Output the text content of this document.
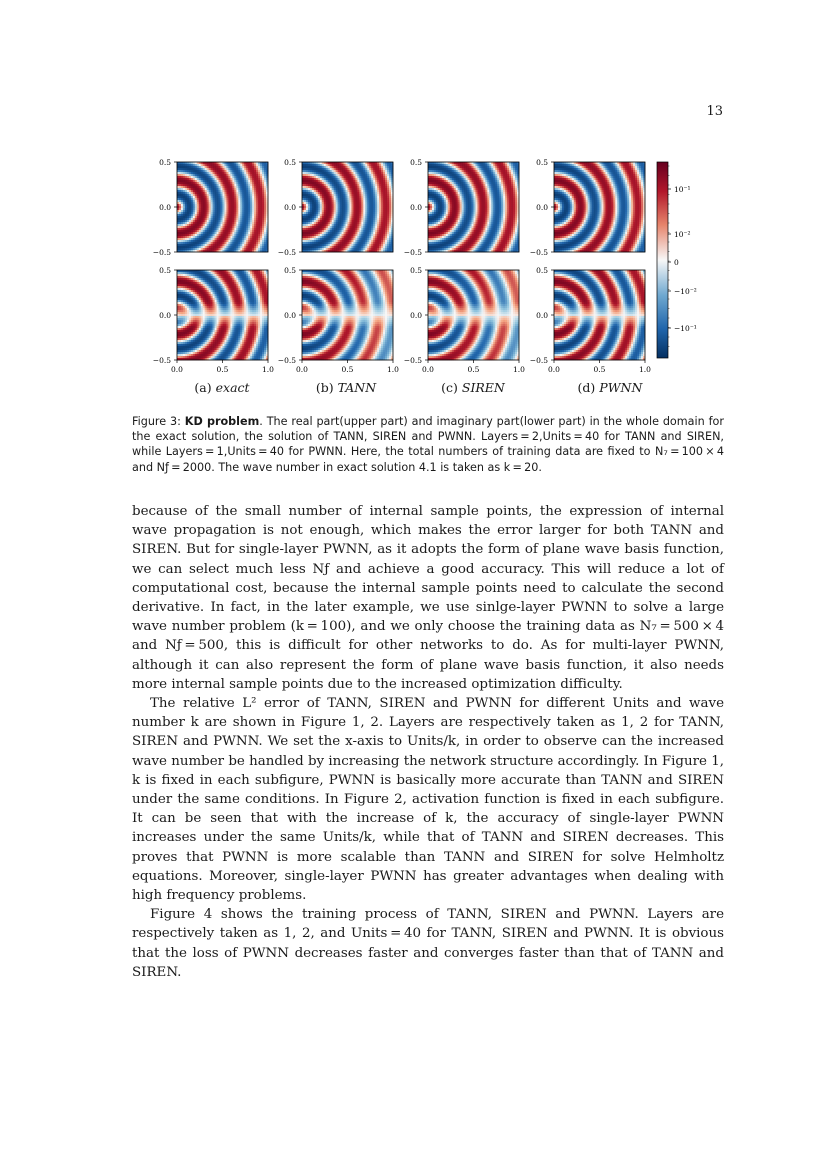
13
0.5
0.0
−0.5
0.5
0.0
−0.5
0.0	0.5	1.0
0.5
0.0
−0.5
0.5
0.0
−0.5
0.0	0.5	1.0
0.5
0.0
−0.5
0.5
0.0
−0.5
0.0	0.5	1.0
0.5
0.0
−0.5
0.5
0.0
−0.5
0.0	0.5	1.0
10⁻¹
10⁻²
0
−10⁻²
−10⁻¹
(a) exact	(b) TANN	(c) SIREN	(d) PWNN
Figure 3: KD problem. The real part(upper part) and imaginary part(lower part) in the whole domain for the exact solution, the solution of TANN, SIREN and PWNN. Layers = 2,Units = 40 for TANN and SIREN, while Layers = 1,Units = 40 for PWNN. Here, the total numbers of training data are fixed to N₇ = 100 × 4 and Nƒ = 2000. The wave number in exact solution 4.1 is taken as k = 20.

because of the small number of internal sample points, the expression of internal wave propagation is not enough, which makes the error larger for both TANN and SIREN. But for single-layer PWNN, as it adopts the form of plane wave basis function, we can select much less Nƒ and achieve a good accuracy. This will reduce a lot of computational cost, because the internal sample points need to calculate the second derivative. In fact, in the later example, we use sinlge-layer PWNN to solve a large wave number problem (k = 100), and we only choose the training data as N₇ = 500 × 4 and Nƒ = 500, this is difficult for other networks to do. As for multi-layer PWNN, although it can also represent the form of plane wave basis function, it also needs more internal sample points due to the increased optimization difficulty.

The relative L² error of TANN, SIREN and PWNN for different Units and wave number k are shown in Figure 1, 2. Layers are respectively taken as 1, 2 for TANN, SIREN and PWNN. We set the x-axis to Units/k, in order to observe can the increased wave number be handled by increasing the network structure accordingly. In Figure 1, k is fixed in each subfigure, PWNN is basically more accurate than TANN and SIREN under the same conditions. In Figure 2, activation function is fixed in each subfigure. It can be seen that with the increase of k, the accuracy of single-layer PWNN increases under the same Units/k, while that of TANN and SIREN decreases. This proves that PWNN is more scalable than TANN and SIREN for solve Helmholtz equations. Moreover, single-layer PWNN has greater advantages when dealing with high frequency problems.

Figure 4 shows the training process of TANN, SIREN and PWNN. Layers are respectively taken as 1, 2, and Units = 40 for TANN, SIREN and PWNN. It is obvious that the loss of PWNN decreases faster and converges faster than that of TANN and SIREN.
